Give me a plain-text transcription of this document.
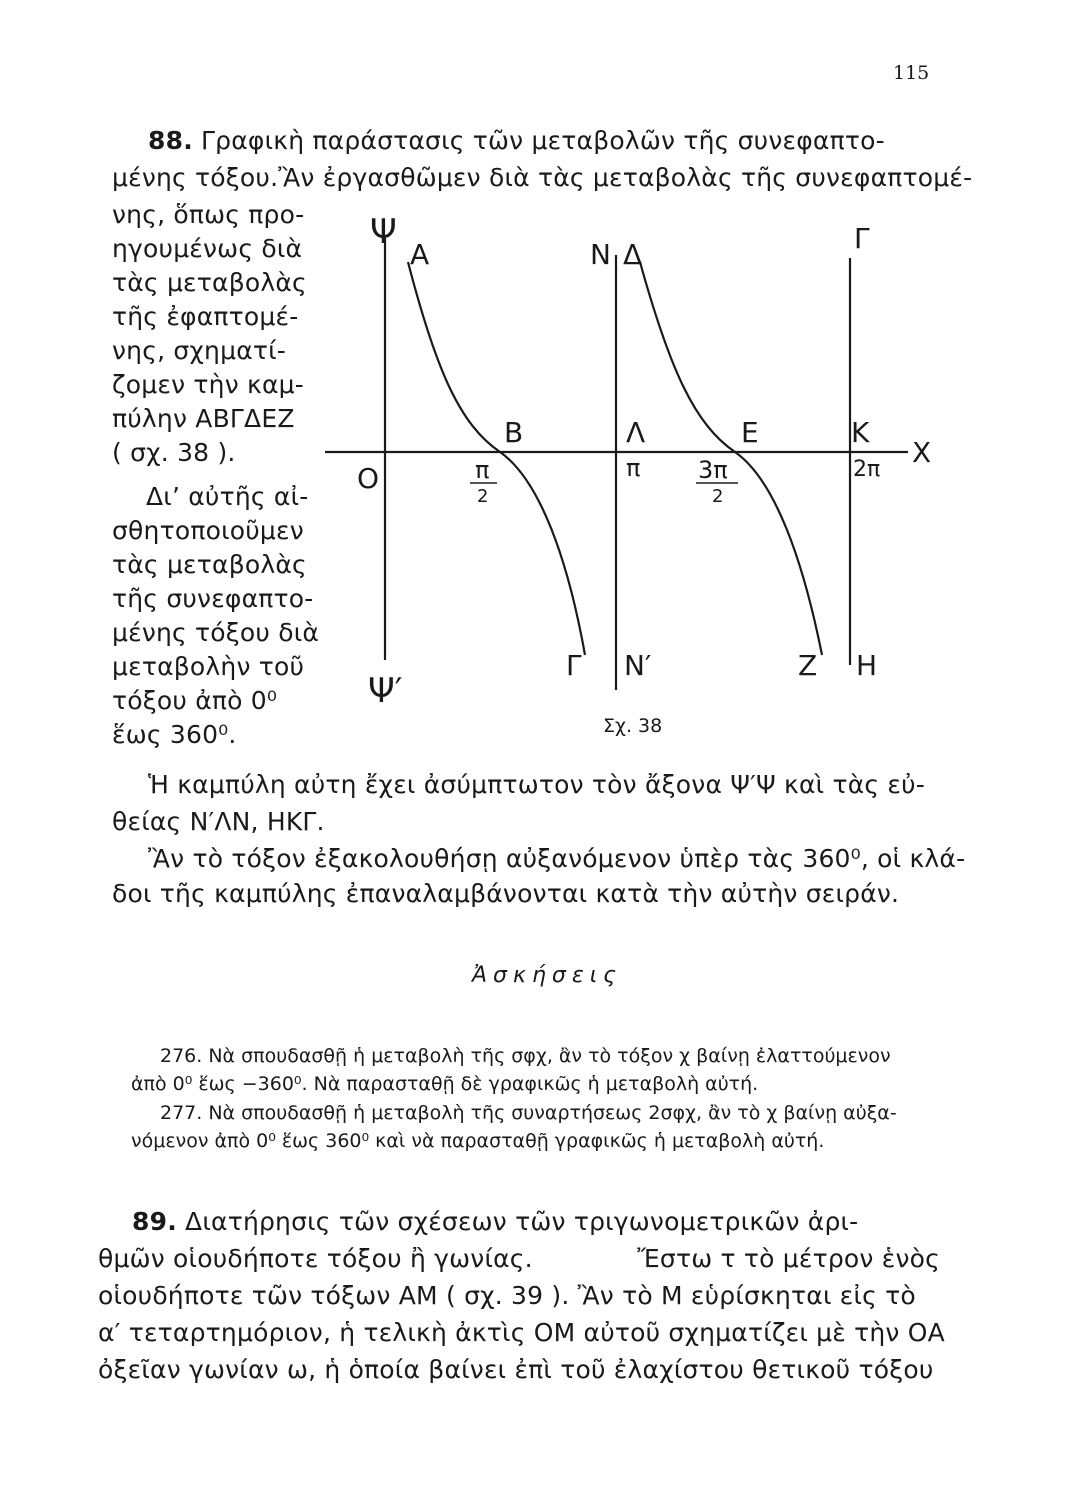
115
88. Γραφικὴ παράστασις τῶν μεταβολῶν τῆς συνεφαπτο-
μένης τόξου. Ἂν ἐργασθῶμεν διὰ τὰς μεταβολὰς τῆς συνεφαπτομέ-
νης, ὅπως προ-
ηγουμένως διὰ
τὰς μεταβολὰς
τῆς ἐφαπτομέ-
νης, σχηματί-
ζομεν τὴν καμ-
πύλην ΑΒΓΔΕΖ
( σχ. 38 ).
Δι’ αὐτῆς αἰ-
σθητοποιοῦμεν
τὰς μεταβολὰς
τῆς συνεφαπτο-
μένης τόξου διὰ
μεταβολὴν τοῦ
τόξου ἀπὸ 0⁰
ἕως 360⁰.
Ψ
Ψ′
Ο
Χ
Α	Ν Δ	Γ
Β	Λ	Ε	Κ
Γ Ν′	Ζ Η
π
2
π 3π
2
2π
Σχ. 38
Ἡ καμπύλη αὐτη ἔχει ἀσύμπτωτον τὸν ἄξονα Ψ′Ψ καὶ τὰς εὐ-
θείας Ν′ΛΝ, ΗΚΓ.
Ἂν τὸ τόξον ἐξακολουθήσῃ αὐξανόμενον ὑπὲρ τὰς 360⁰, οἱ κλά-
δοι τῆς καμπύλης ἐπαναλαμβάνονται κατὰ τὴν αὐτὴν σειράν.
Ἀσκήσεις
276. Νὰ σπουδασθῇ ἡ μεταβολὴ τῆς σφχ, ἂν τὸ τόξον χ βαίνῃ ἐλαττούμενον
ἀπὸ 0⁰ ἕως −360⁰. Νὰ παρασταθῇ δὲ γραφικῶς ἡ μεταβολὴ αὐτή.
277. Νὰ σπουδασθῇ ἡ μεταβολὴ τῆς συναρτήσεως 2σφχ, ἂν τὸ χ βαίνῃ αὐξα-
νόμενον ἀπὸ 0⁰ ἕως 360⁰ καὶ νὰ παρασταθῇ γραφικῶς ἡ μεταβολὴ αὐτή.
89. Διατήρησις τῶν σχέσεων τῶν τριγωνομετρικῶν ἀρι-
θμῶν οἱουδήποτε τόξου ἢ γωνίας.	Ἔστω τ τὸ μέτρον ἑνὸς
οἱουδήποτε τῶν τόξων ΑΜ ( σχ. 39 ). Ἂν τὸ Μ εὑρίσκηται εἰς τὸ
α′ τεταρτημόριον, ἡ τελικὴ ἀκτὶς ΟΜ αὐτοῦ σχηματίζει μὲ τὴν ΟΑ
ὀξεῖαν γωνίαν ω, ἡ ὁποία βαίνει ἐπὶ τοῦ ἐλαχίστου θετικοῦ τόξου
